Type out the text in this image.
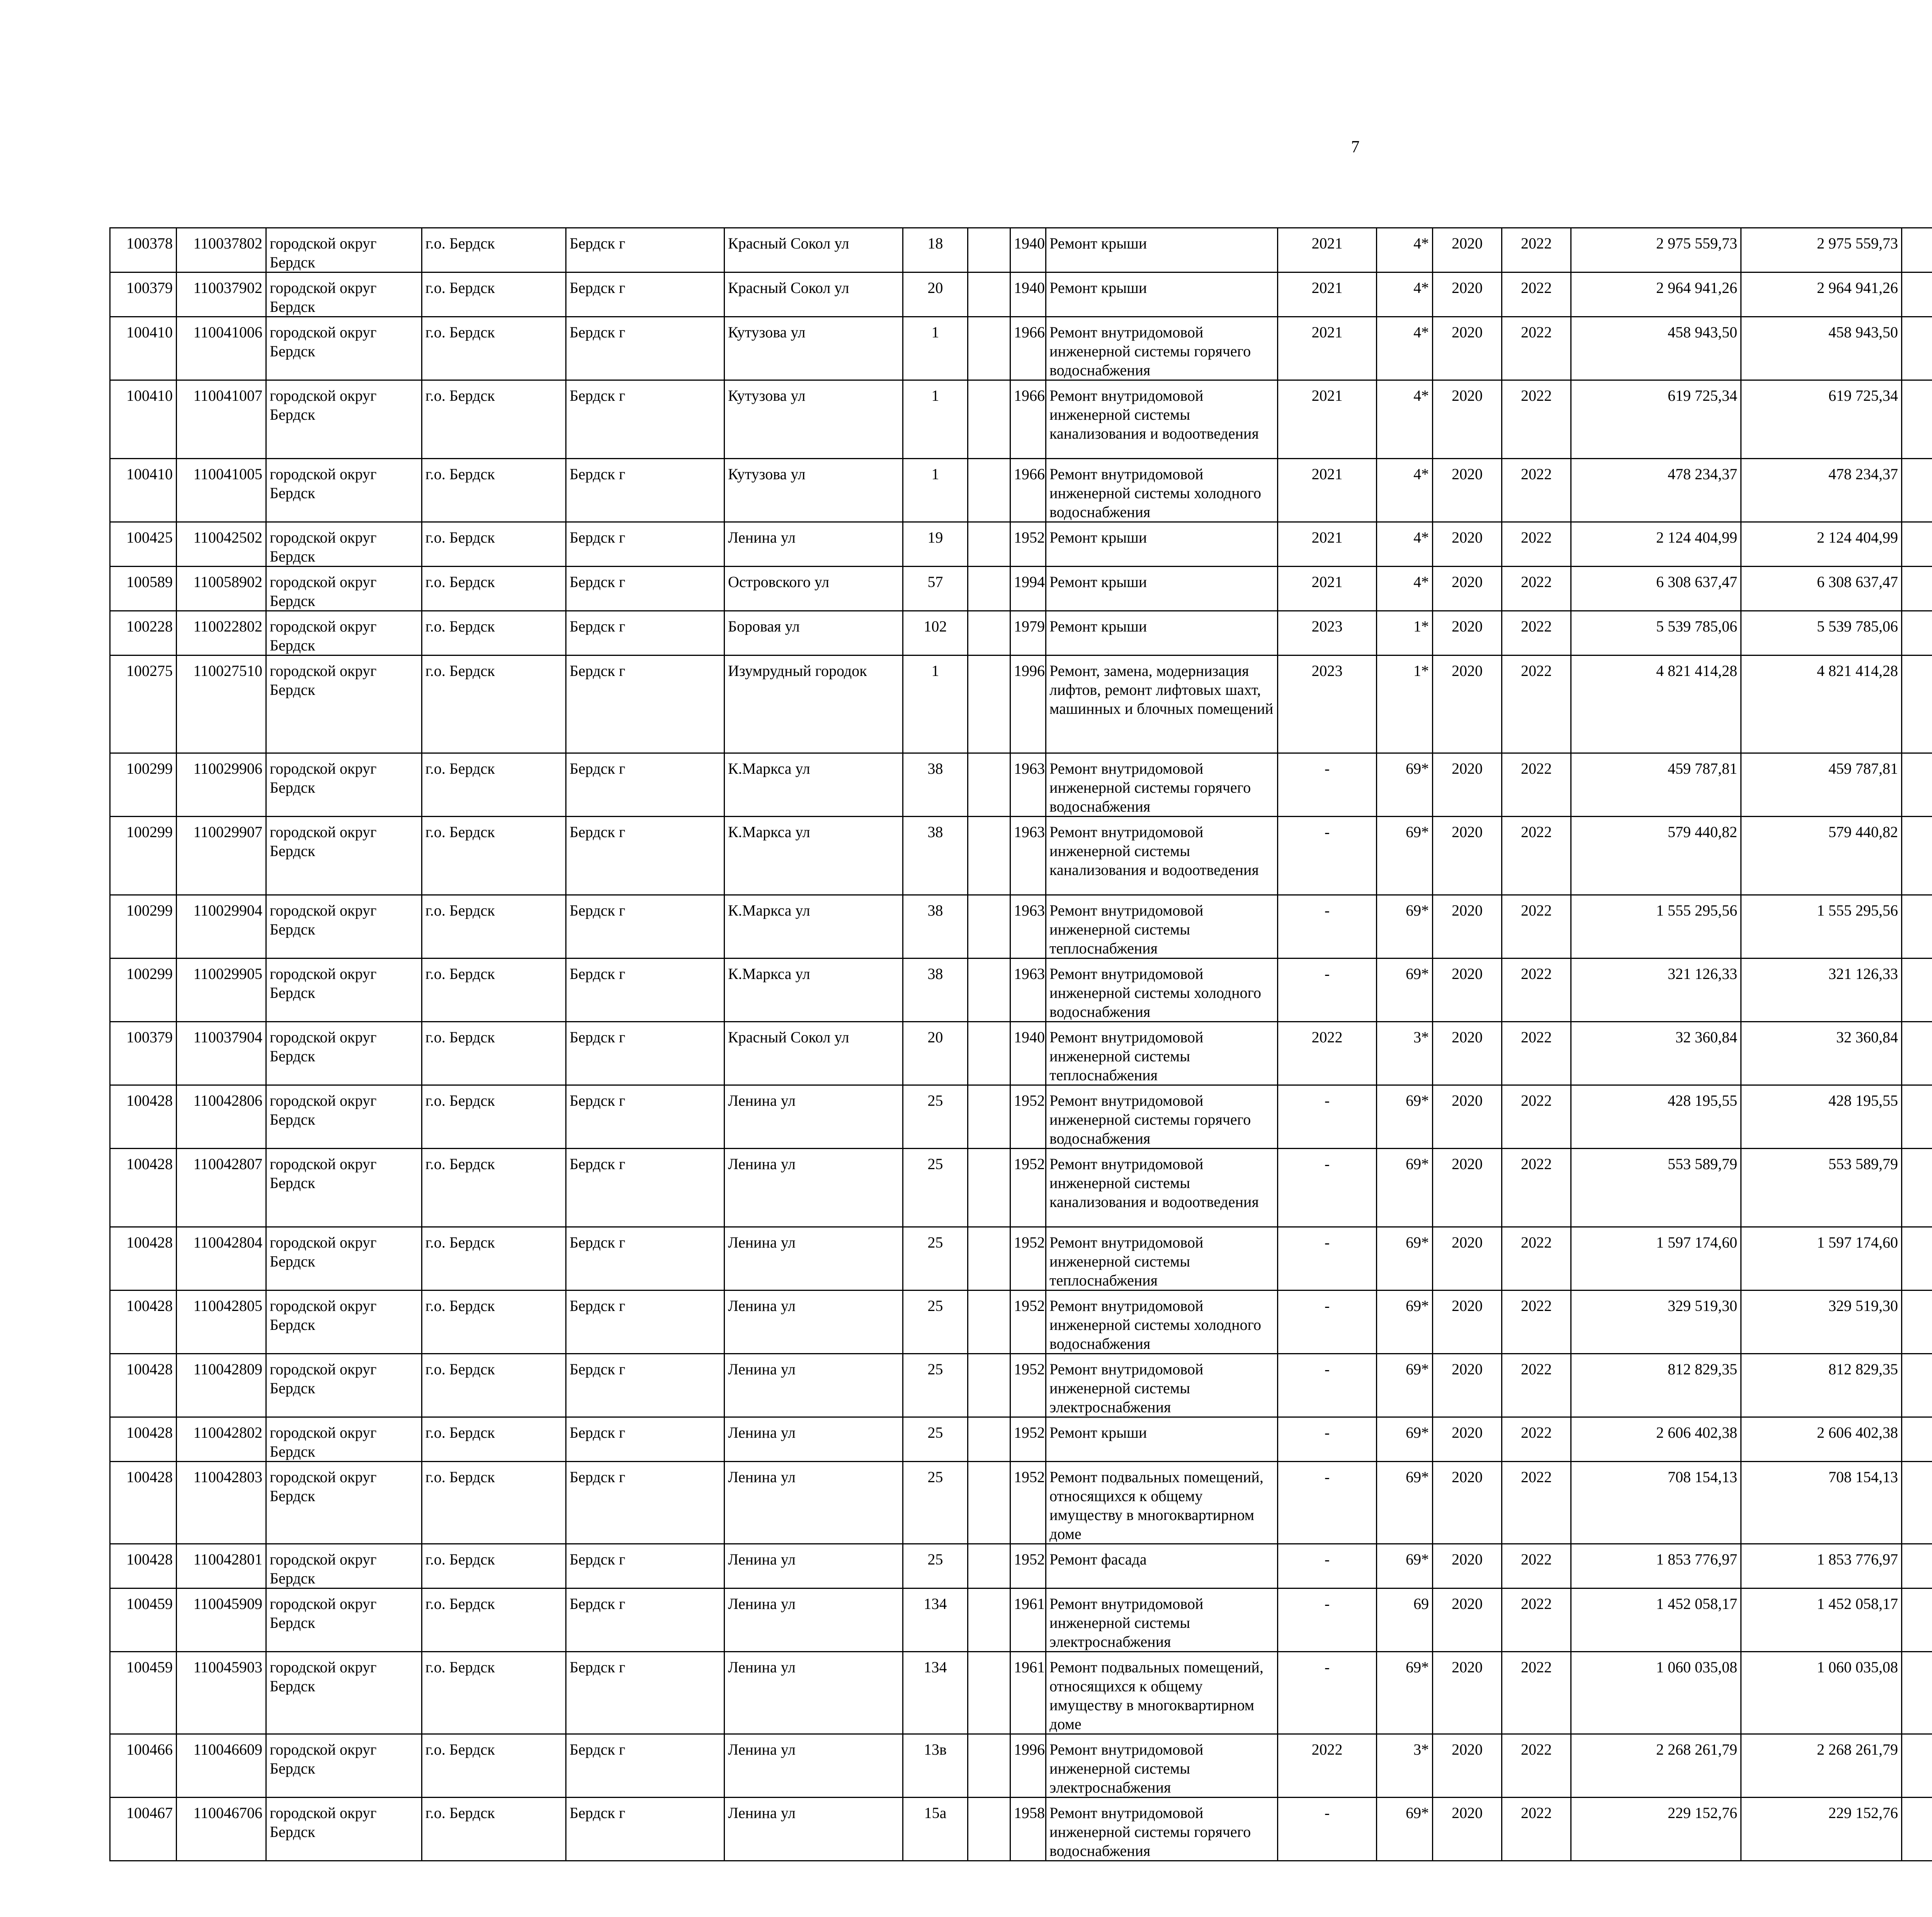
7
100378	110037802	городской округ Бердск	г.о. Бердск	Бердск г	Красный Сокол ул	18		1940	Ремонт крыши	2021	4*	2020	2022	2 975 559,73	2 975 559,73						
100379	110037902	городской округ Бердск	г.о. Бердск	Бердск г	Красный Сокол ул	20		1940	Ремонт крыши	2021	4*	2020	2022	2 964 941,26	2 964 941,26						
100410	110041006	городской округ Бердск	г.о. Бердск	Бердск г	Кутузова ул	1		1966	Ремонт внутридомовой инженерной системы горячего водоснабжения	2021	4*	2020	2022	458 943,50	458 943,50						
100410	110041007	городской округ Бердск	г.о. Бердск	Бердск г	Кутузова ул	1		1966	Ремонт внутридомовой инженерной системы канализования и водоотведения	2021	4*	2020	2022	619 725,34	619 725,34						
100410	110041005	городской округ Бердск	г.о. Бердск	Бердск г	Кутузова ул	1		1966	Ремонт внутридомовой инженерной системы холодного водоснабжения	2021	4*	2020	2022	478 234,37	478 234,37						
100425	110042502	городской округ Бердск	г.о. Бердск	Бердск г	Ленина ул	19		1952	Ремонт крыши	2021	4*	2020	2022	2 124 404,99	2 124 404,99						
100589	110058902	городской округ Бердск	г.о. Бердск	Бердск г	Островского ул	57		1994	Ремонт крыши	2021	4*	2020	2022	6 308 637,47	6 308 637,47						
100228	110022802	городской округ Бердск	г.о. Бердск	Бердск г	Боровая ул	102		1979	Ремонт крыши	2023	1*	2020	2022	5 539 785,06	5 539 785,06						
100275	110027510	городской округ Бердск	г.о. Бердск	Бердск г	Изумрудный городок	1		1996	Ремонт, замена, модернизация лифтов, ремонт лифтовых шахт, машинных и блочных помещений	2023	1*	2020	2022	4 821 414,28	4 821 414,28						
100299	110029906	городской округ Бердск	г.о. Бердск	Бердск г	К.Маркса ул	38		1963	Ремонт внутридомовой инженерной системы горячего водоснабжения	-	69*	2020	2022	459 787,81	459 787,81						
100299	110029907	городской округ Бердск	г.о. Бердск	Бердск г	К.Маркса ул	38		1963	Ремонт внутридомовой инженерной системы канализования и водоотведения	-	69*	2020	2022	579 440,82	579 440,82						
100299	110029904	городской округ Бердск	г.о. Бердск	Бердск г	К.Маркса ул	38		1963	Ремонт внутридомовой инженерной системы теплоснабжения	-	69*	2020	2022	1 555 295,56	1 555 295,56						
100299	110029905	городской округ Бердск	г.о. Бердск	Бердск г	К.Маркса ул	38		1963	Ремонт внутридомовой инженерной системы холодного водоснабжения	-	69*	2020	2022	321 126,33	321 126,33						
100379	110037904	городской округ Бердск	г.о. Бердск	Бердск г	Красный Сокол ул	20		1940	Ремонт внутридомовой инженерной системы теплоснабжения	2022	3*	2020	2022	32 360,84	32 360,84						
100428	110042806	городской округ Бердск	г.о. Бердск	Бердск г	Ленина ул	25		1952	Ремонт внутридомовой инженерной системы горячего водоснабжения	-	69*	2020	2022	428 195,55	428 195,55						
100428	110042807	городской округ Бердск	г.о. Бердск	Бердск г	Ленина ул	25		1952	Ремонт внутридомовой инженерной системы канализования и водоотведения	-	69*	2020	2022	553 589,79	553 589,79						
100428	110042804	городской округ Бердск	г.о. Бердск	Бердск г	Ленина ул	25		1952	Ремонт внутридомовой инженерной системы теплоснабжения	-	69*	2020	2022	1 597 174,60	1 597 174,60						
100428	110042805	городской округ Бердск	г.о. Бердск	Бердск г	Ленина ул	25		1952	Ремонт внутридомовой инженерной системы холодного водоснабжения	-	69*	2020	2022	329 519,30	329 519,30						
100428	110042809	городской округ Бердск	г.о. Бердск	Бердск г	Ленина ул	25		1952	Ремонт внутридомовой инженерной системы электроснабжения	-	69*	2020	2022	812 829,35	812 829,35						
100428	110042802	городской округ Бердск	г.о. Бердск	Бердск г	Ленина ул	25		1952	Ремонт крыши	-	69*	2020	2022	2 606 402,38	2 606 402,38						
100428	110042803	городской округ Бердск	г.о. Бердск	Бердск г	Ленина ул	25		1952	Ремонт подвальных помещений, относящихся к общему имуществу в многоквартирном доме	-	69*	2020	2022	708 154,13	708 154,13						
100428	110042801	городской округ Бердск	г.о. Бердск	Бердск г	Ленина ул	25		1952	Ремонт фасада	-	69*	2020	2022	1 853 776,97	1 853 776,97						
100459	110045909	городской округ Бердск	г.о. Бердск	Бердск г	Ленина ул	134		1961	Ремонт внутридомовой инженерной системы электроснабжения	-	69	2020	2022	1 452 058,17	1 452 058,17						
100459	110045903	городской округ Бердск	г.о. Бердск	Бердск г	Ленина ул	134		1961	Ремонт подвальных помещений, относящихся к общему имуществу в многоквартирном доме	-	69*	2020	2022	1 060 035,08	1 060 035,08						
100466	110046609	городской округ Бердск	г.о. Бердск	Бердск г	Ленина ул	13в		1996	Ремонт внутридомовой инженерной системы электроснабжения	2022	3*	2020	2022	2 268 261,79	2 268 261,79						
100467	110046706	городской округ Бердск	г.о. Бердск	Бердск г	Ленина ул	15а		1958	Ремонт внутридомовой инженерной системы горячего водоснабжения	-	69*	2020	2022	229 152,76	229 152,76						
